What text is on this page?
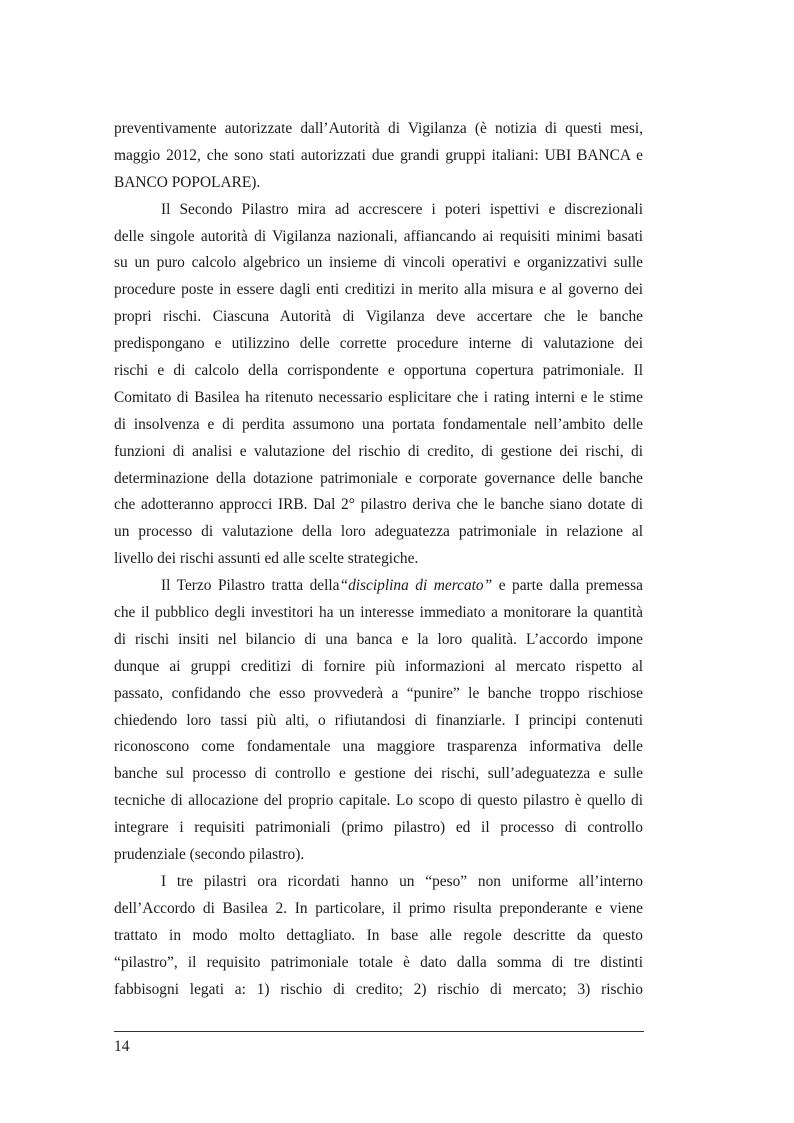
preventivamente autorizzate dall’Autorità di Vigilanza (è notizia di questi mesi,
maggio 2012, che sono stati autorizzati due grandi gruppi italiani: UBI BANCA e
BANCO POPOLARE).
Il Secondo Pilastro mira ad accrescere i poteri ispettivi e discrezionali
delle singole autorità di Vigilanza nazionali, affiancando ai requisiti minimi basati
su un puro calcolo algebrico un insieme di vincoli operativi e organizzativi sulle
procedure poste in essere dagli enti creditizi in merito alla misura e al governo dei
propri rischi. Ciascuna Autorità di Vigilanza deve accertare che le banche
predispongano e utilizzino delle corrette procedure interne di valutazione dei
rischi e di calcolo della corrispondente e opportuna copertura patrimoniale. Il
Comitato di Basilea ha ritenuto necessario esplicitare che i rating interni e le stime
di insolvenza e di perdita assumono una portata fondamentale nell’ambito delle
funzioni di analisi e valutazione del rischio di credito, di gestione dei rischi, di
determinazione della dotazione patrimoniale e corporate governance delle banche
che adotteranno approcci IRB. Dal 2° pilastro deriva che le banche siano dotate di
un processo di valutazione della loro adeguatezza patrimoniale in relazione al
livello dei rischi assunti ed alle scelte strategiche.
Il Terzo Pilastro tratta della“disciplina di mercato” e parte dalla premessa
che il pubblico degli investitori ha un interesse immediato a monitorare la quantità
di rischi insiti nel bilancio di una banca e la loro qualità. L’accordo impone
dunque ai gruppi creditizi di fornire più informazioni al mercato rispetto al
passato, confidando che esso provvederà a “punire” le banche troppo rischiose
chiedendo loro tassi più alti, o rifiutandosi di finanziarle. I principi contenuti
riconoscono come fondamentale una maggiore trasparenza informativa delle
banche sul processo di controllo e gestione dei rischi, sull’adeguatezza e sulle
tecniche di allocazione del proprio capitale. Lo scopo di questo pilastro è quello di
integrare i requisiti patrimoniali (primo pilastro) ed il processo di controllo
prudenziale (secondo pilastro).
I tre pilastri ora ricordati hanno un “peso” non uniforme all’interno
dell’Accordo di Basilea 2. In particolare, il primo risulta preponderante e viene
trattato in modo molto dettagliato. In base alle regole descritte da questo
“pilastro”, il requisito patrimoniale totale è dato dalla somma di tre distinti
fabbisogni legati a: 1) rischio di credito; 2) rischio di mercato; 3) rischio
14
